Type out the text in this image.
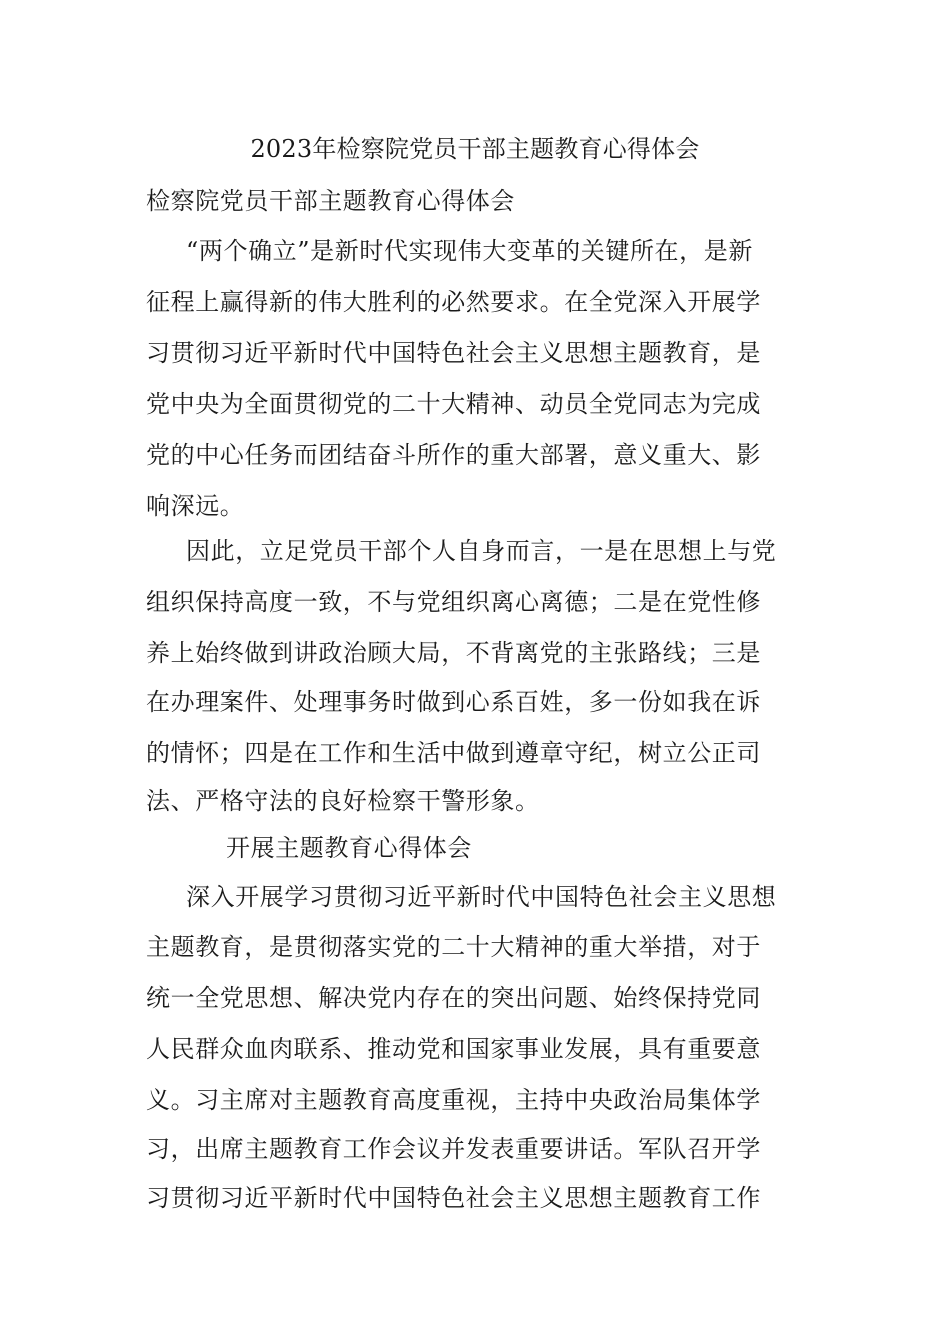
2023年检察院党员干部主题教育心得体会
检察院党员干部主题教育心得体会
“两个确立”是新时代实现伟大变革的关键所在，是新
征程上赢得新的伟大胜利的必然要求。在全党深入开展学
习贯彻习近平新时代中国特色社会主义思想主题教育，是
党中央为全面贯彻党的二十大精神、动员全党同志为完成
党的中心任务而团结奋斗所作的重大部署，意义重大、影
响深远。
因此，立足党员干部个人自身而言，一是在思想上与党
组织保持高度一致，不与党组织离心离德；二是在党性修
养上始终做到讲政治顾大局，不背离党的主张路线；三是
在办理案件、处理事务时做到心系百姓，多一份如我在诉
的情怀；四是在工作和生活中做到遵章守纪，树立公正司
法、严格守法的良好检察干警形象。
开展主题教育心得体会
深入开展学习贯彻习近平新时代中国特色社会主义思想
主题教育，是贯彻落实党的二十大精神的重大举措，对于
统一全党思想、解决党内存在的突出问题、始终保持党同
人民群众血肉联系、推动党和国家事业发展，具有重要意
义。习主席对主题教育高度重视，主持中央政治局集体学
习，出席主题教育工作会议并发表重要讲话。军队召开学
习贯彻习近平新时代中国特色社会主义思想主题教育工作
